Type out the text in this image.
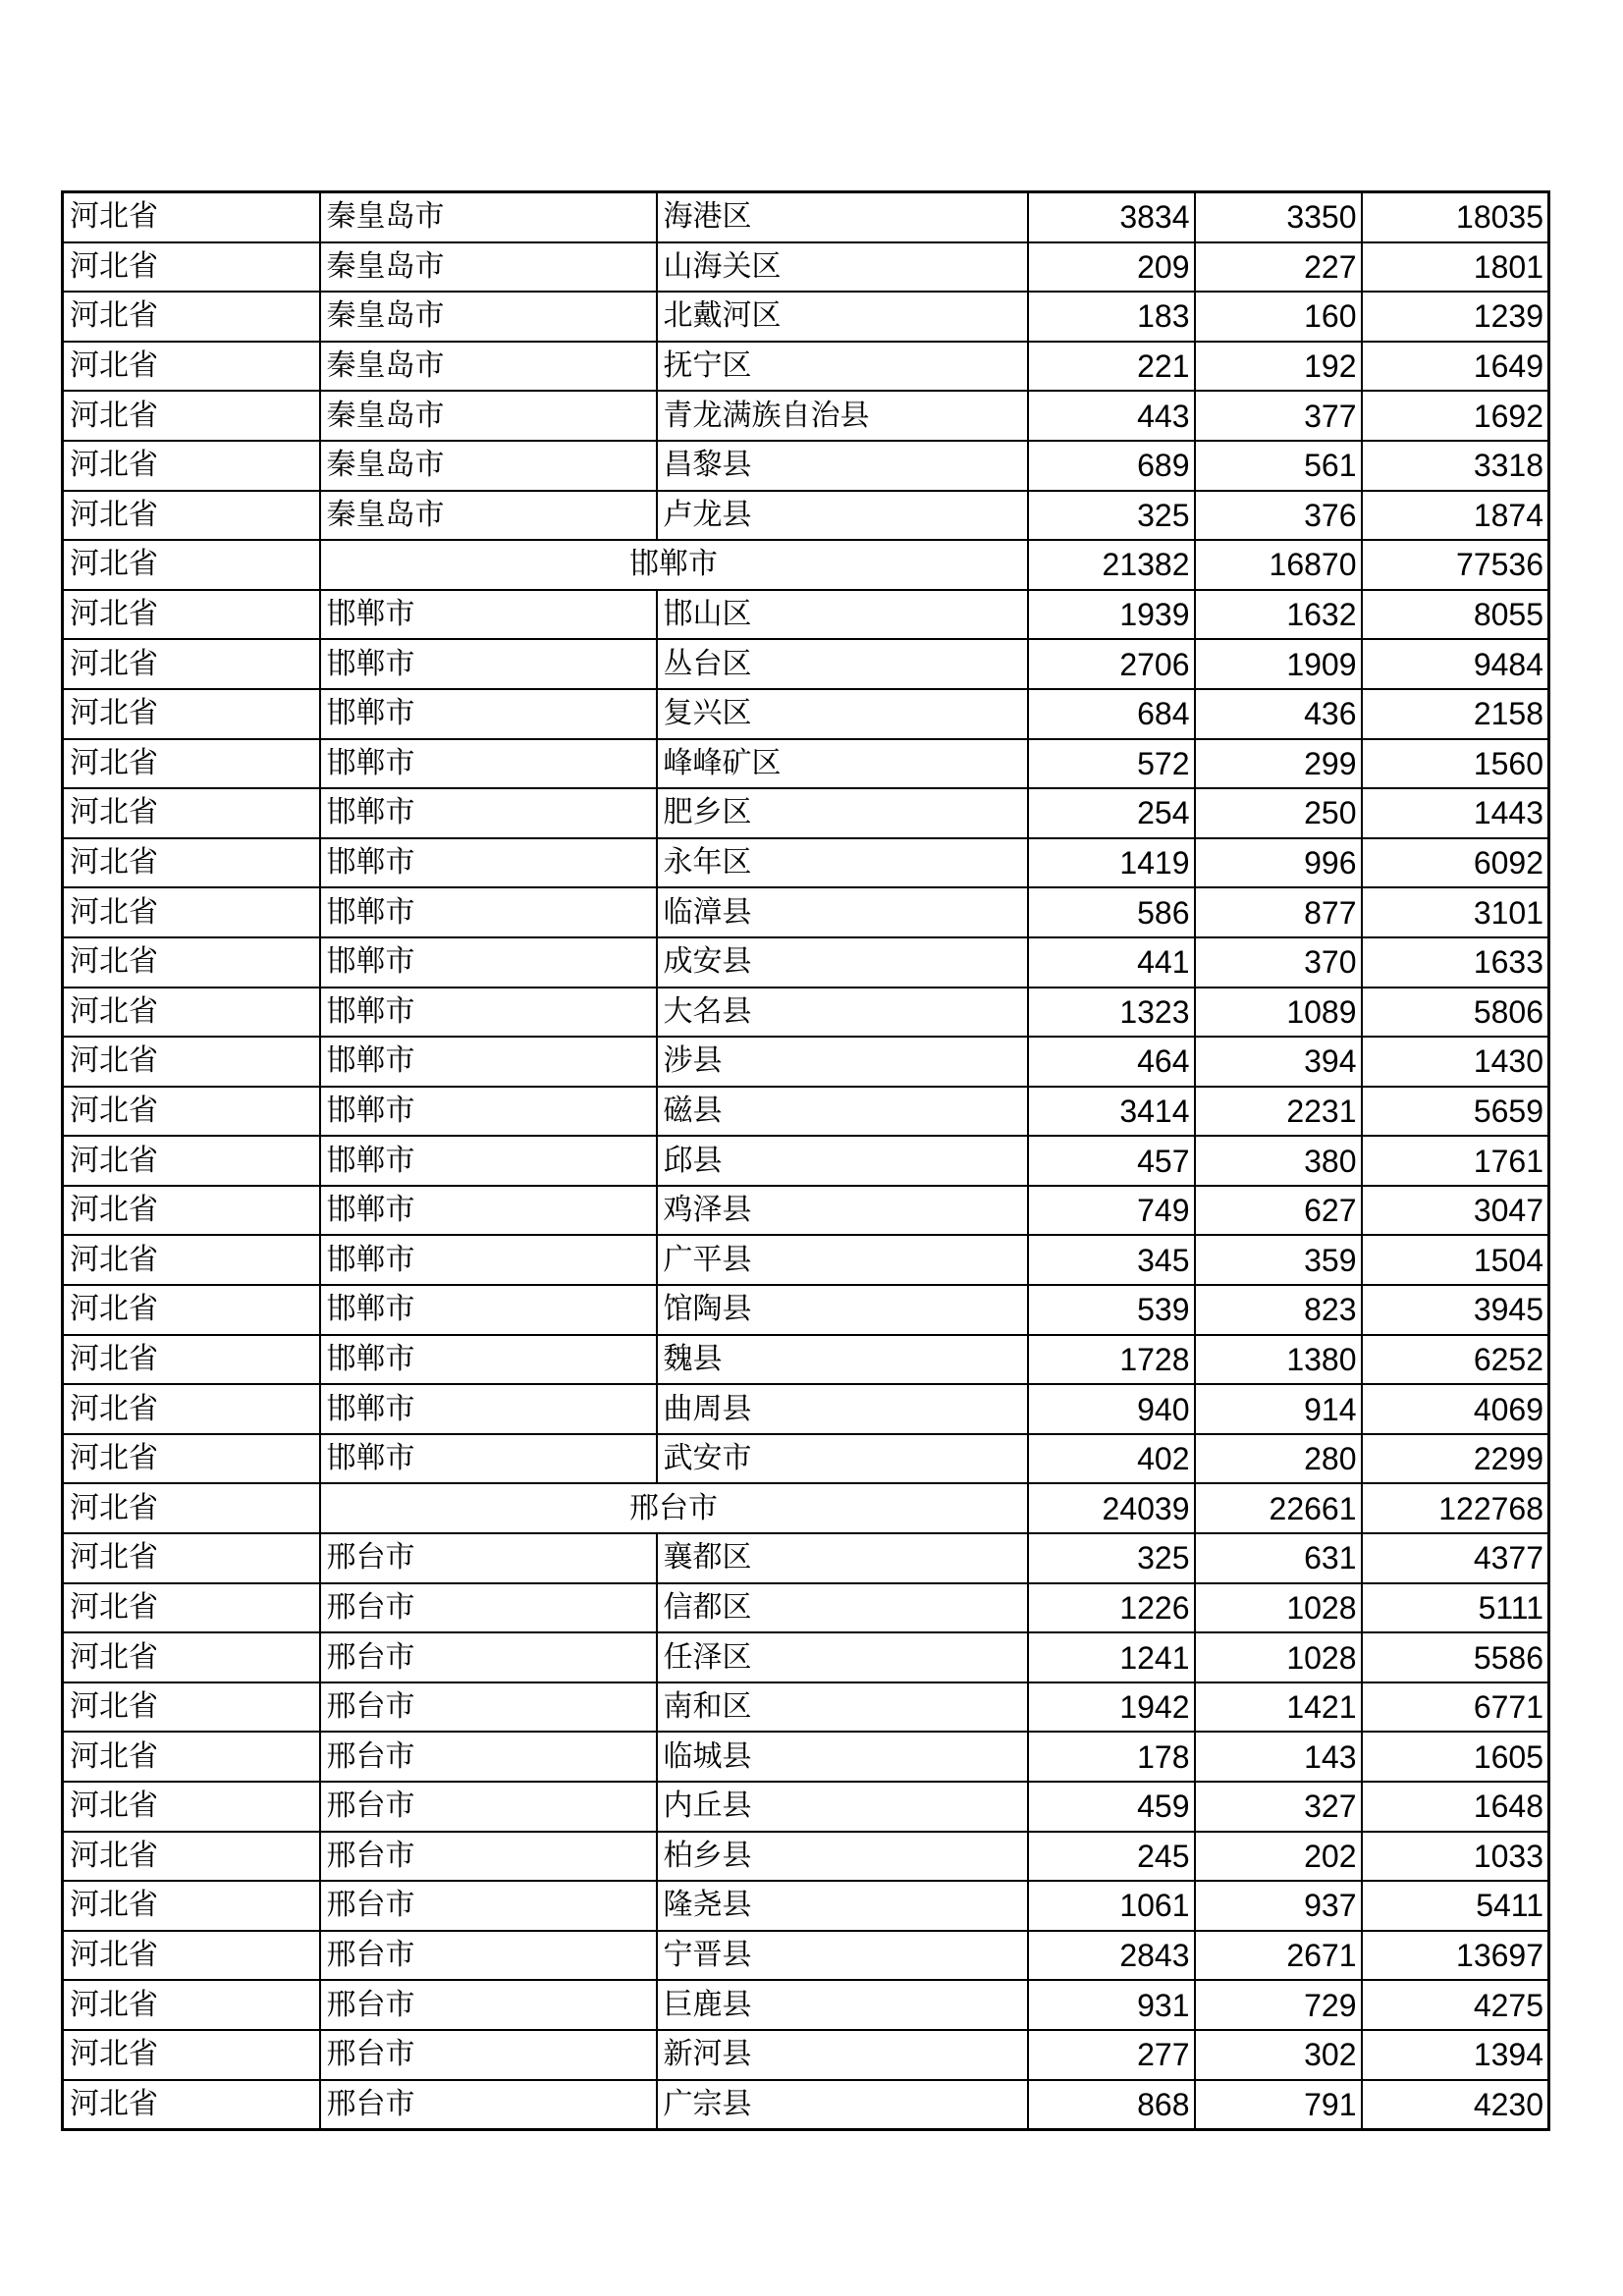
河北省	秦皇岛市	海港区	3834	3350	18035
河北省	秦皇岛市	山海关区	209	227	1801
河北省	秦皇岛市	北戴河区	183	160	1239
河北省	秦皇岛市	抚宁区	221	192	1649
河北省	秦皇岛市	青龙满族自治县	443	377	1692
河北省	秦皇岛市	昌黎县	689	561	3318
河北省	秦皇岛市	卢龙县	325	376	1874
河北省	邯郸市		21382	16870	77536
河北省	邯郸市	邯山区	1939	1632	8055
河北省	邯郸市	丛台区	2706	1909	9484
河北省	邯郸市	复兴区	684	436	2158
河北省	邯郸市	峰峰矿区	572	299	1560
河北省	邯郸市	肥乡区	254	250	1443
河北省	邯郸市	永年区	1419	996	6092
河北省	邯郸市	临漳县	586	877	3101
河北省	邯郸市	成安县	441	370	1633
河北省	邯郸市	大名县	1323	1089	5806
河北省	邯郸市	涉县	464	394	1430
河北省	邯郸市	磁县	3414	2231	5659
河北省	邯郸市	邱县	457	380	1761
河北省	邯郸市	鸡泽县	749	627	3047
河北省	邯郸市	广平县	345	359	1504
河北省	邯郸市	馆陶县	539	823	3945
河北省	邯郸市	魏县	1728	1380	6252
河北省	邯郸市	曲周县	940	914	4069
河北省	邯郸市	武安市	402	280	2299
河北省	邢台市		24039	22661	122768
河北省	邢台市	襄都区	325	631	4377
河北省	邢台市	信都区	1226	1028	5111
河北省	邢台市	任泽区	1241	1028	5586
河北省	邢台市	南和区	1942	1421	6771
河北省	邢台市	临城县	178	143	1605
河北省	邢台市	内丘县	459	327	1648
河北省	邢台市	柏乡县	245	202	1033
河北省	邢台市	隆尧县	1061	937	5411
河北省	邢台市	宁晋县	2843	2671	13697
河北省	邢台市	巨鹿县	931	729	4275
河北省	邢台市	新河县	277	302	1394
河北省	邢台市	广宗县	868	791	4230
